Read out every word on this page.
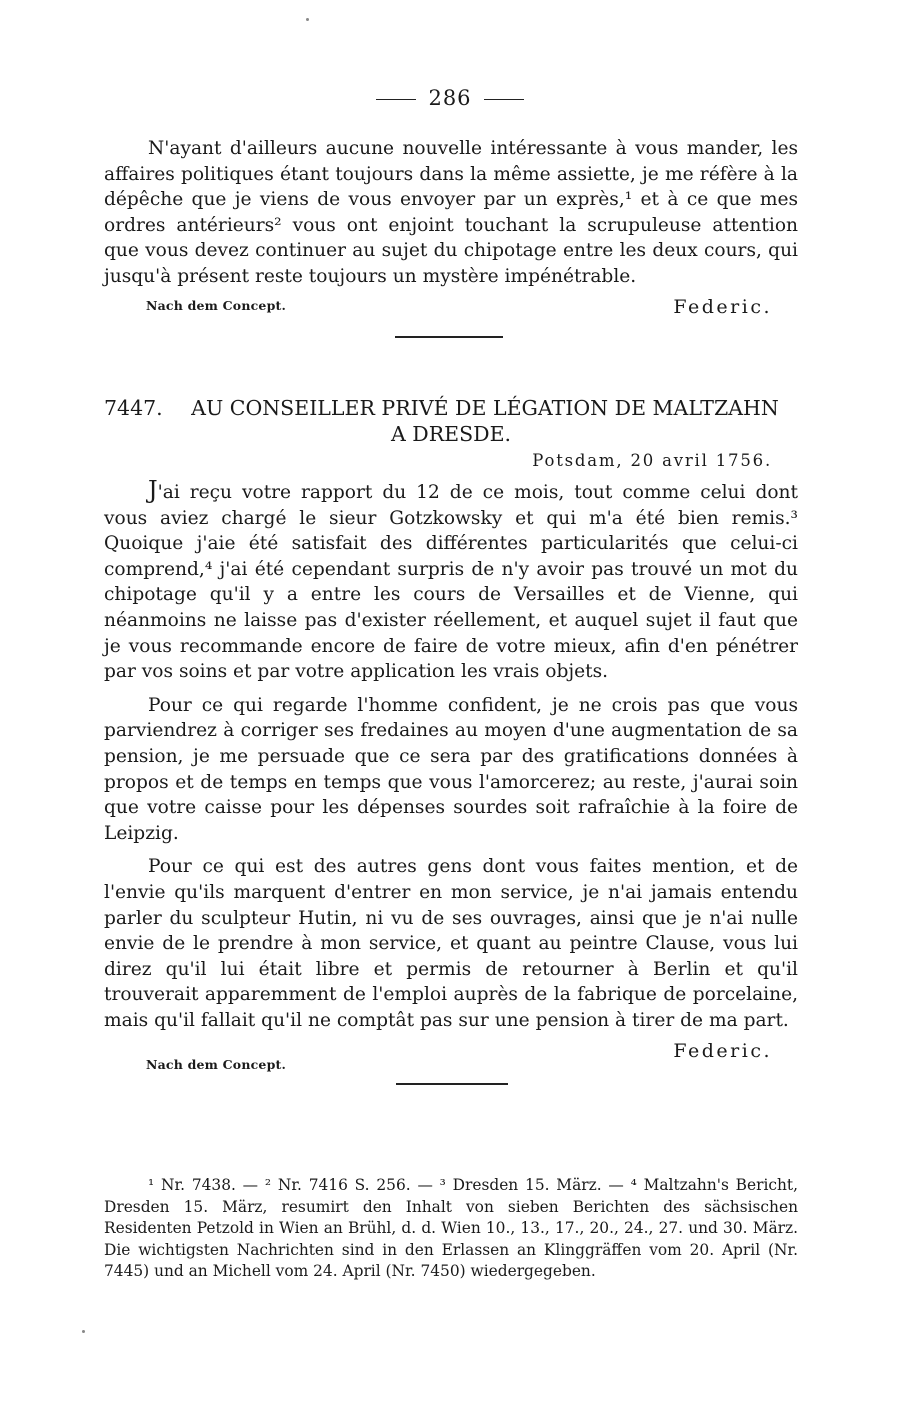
286

N'ayant d'ailleurs aucune nouvelle intéressante à vous mander, les affaires politiques étant toujours dans la même assiette, je me réfère à la dépêche que je viens de vous envoyer par un exprès,¹ et à ce que mes ordres antérieurs² vous ont enjoint touchant la scrupuleuse attention que vous devez continuer au sujet du chipotage entre les deux cours, qui jusqu'à présent reste toujours un mystère impénétrable.

Nach dem Concept.	Federic.
7447.	AU CONSEILLER PRIVÉ DE LÉGATION DE MALTZAHN
A DRESDE.
Potsdam, 20 avril 1756.

J'ai reçu votre rapport du 12 de ce mois, tout comme celui dont vous aviez chargé le sieur Gotzkowsky et qui m'a été bien remis.³ Quoique j'aie été satisfait des différentes particularités que celui-ci comprend,⁴ j'ai été cependant surpris de n'y avoir pas trouvé un mot du chipotage qu'il y a entre les cours de Versailles et de Vienne, qui néanmoins ne laisse pas d'exister réellement, et auquel sujet il faut que je vous recommande encore de faire de votre mieux, afin d'en pénétrer par vos soins et par votre application les vrais objets.

Pour ce qui regarde l'homme confident, je ne crois pas que vous parviendrez à corriger ses fredaines au moyen d'une augmentation de sa pension, je me persuade que ce sera par des gratifications données à propos et de temps en temps que vous l'amorcerez; au reste, j'aurai soin que votre caisse pour les dépenses sourdes soit rafraîchie à la foire de Leipzig.

Pour ce qui est des autres gens dont vous faites mention, et de l'envie qu'ils marquent d'entrer en mon service, je n'ai jamais entendu parler du sculpteur Hutin, ni vu de ses ouvrages, ainsi que je n'ai nulle envie de le prendre à mon service, et quant au peintre Clause, vous lui direz qu'il lui était libre et permis de retourner à Berlin et qu'il trouverait apparemment de l'emploi auprès de la fabrique de porcelaine, mais qu'il fallait qu'il ne comptât pas sur une pension à tirer de ma part.

Federic.
Nach dem Concept.

¹ Nr. 7438. — ² Nr. 7416 S. 256. — ³ Dresden 15. März. — ⁴ Maltzahn's Bericht, Dresden 15. März, resumirt den Inhalt von sieben Berichten des sächsischen Residenten Petzold in Wien an Brühl, d. d. Wien 10., 13., 17., 20., 24., 27. und 30. März. Die wichtigsten Nachrichten sind in den Erlassen an Klinggräffen vom 20. April (Nr. 7445) und an Michell vom 24. April (Nr. 7450) wiedergegeben.
